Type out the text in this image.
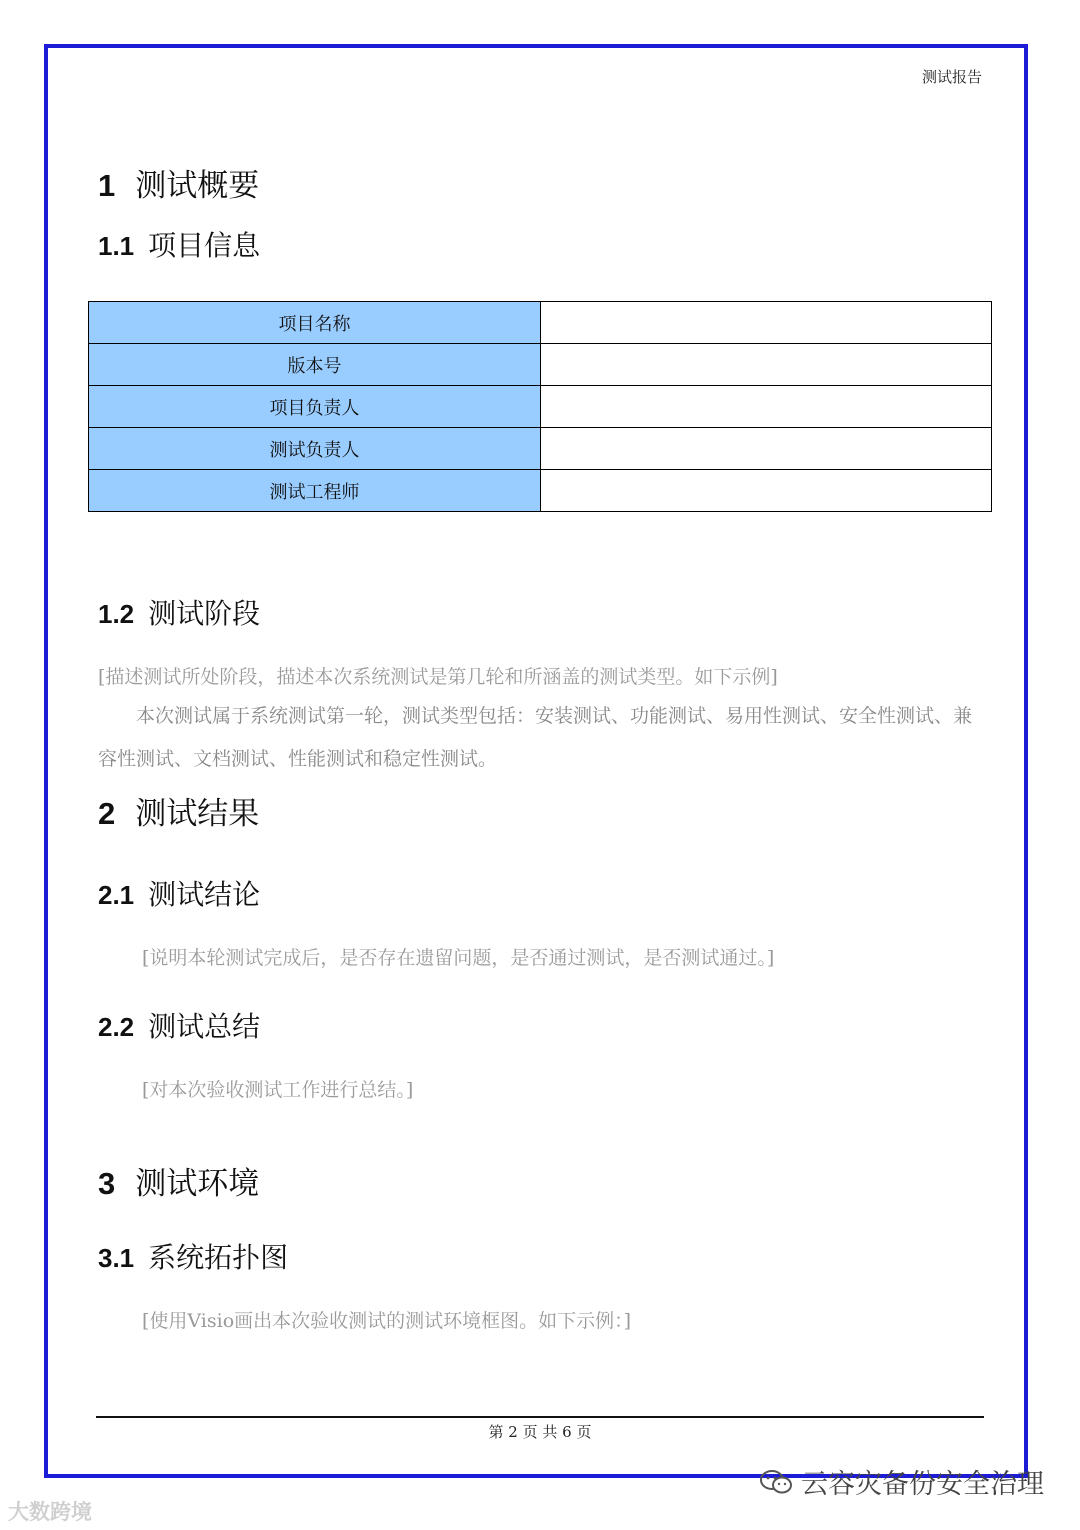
测试报告
1 测试概要
1.1 项目信息
项目名称	
版本号	
项目负责人	
测试负责人	
测试工程师	
1.2 测试阶段
[描述测试所处阶段，描述本次系统测试是第几轮和所涵盖的测试类型。如下示例]
本次测试属于系统测试第一轮，测试类型包括：安装测试、功能测试、易用性测试、安全性测试、兼容性测试、文档测试、性能测试和稳定性测试。
2 测试结果
2.1 测试结论
[说明本轮测试完成后，是否存在遗留问题，是否通过测试，是否测试通过。]
2.2 测试总结
[对本次验收测试工作进行总结。]
3 测试环境
3.1 系统拓扑图
[使用Visio画出本次验收测试的测试环境框图。如下示例：]
第 2 页 共 6 页
大数跨境
云容灾备份安全治理
